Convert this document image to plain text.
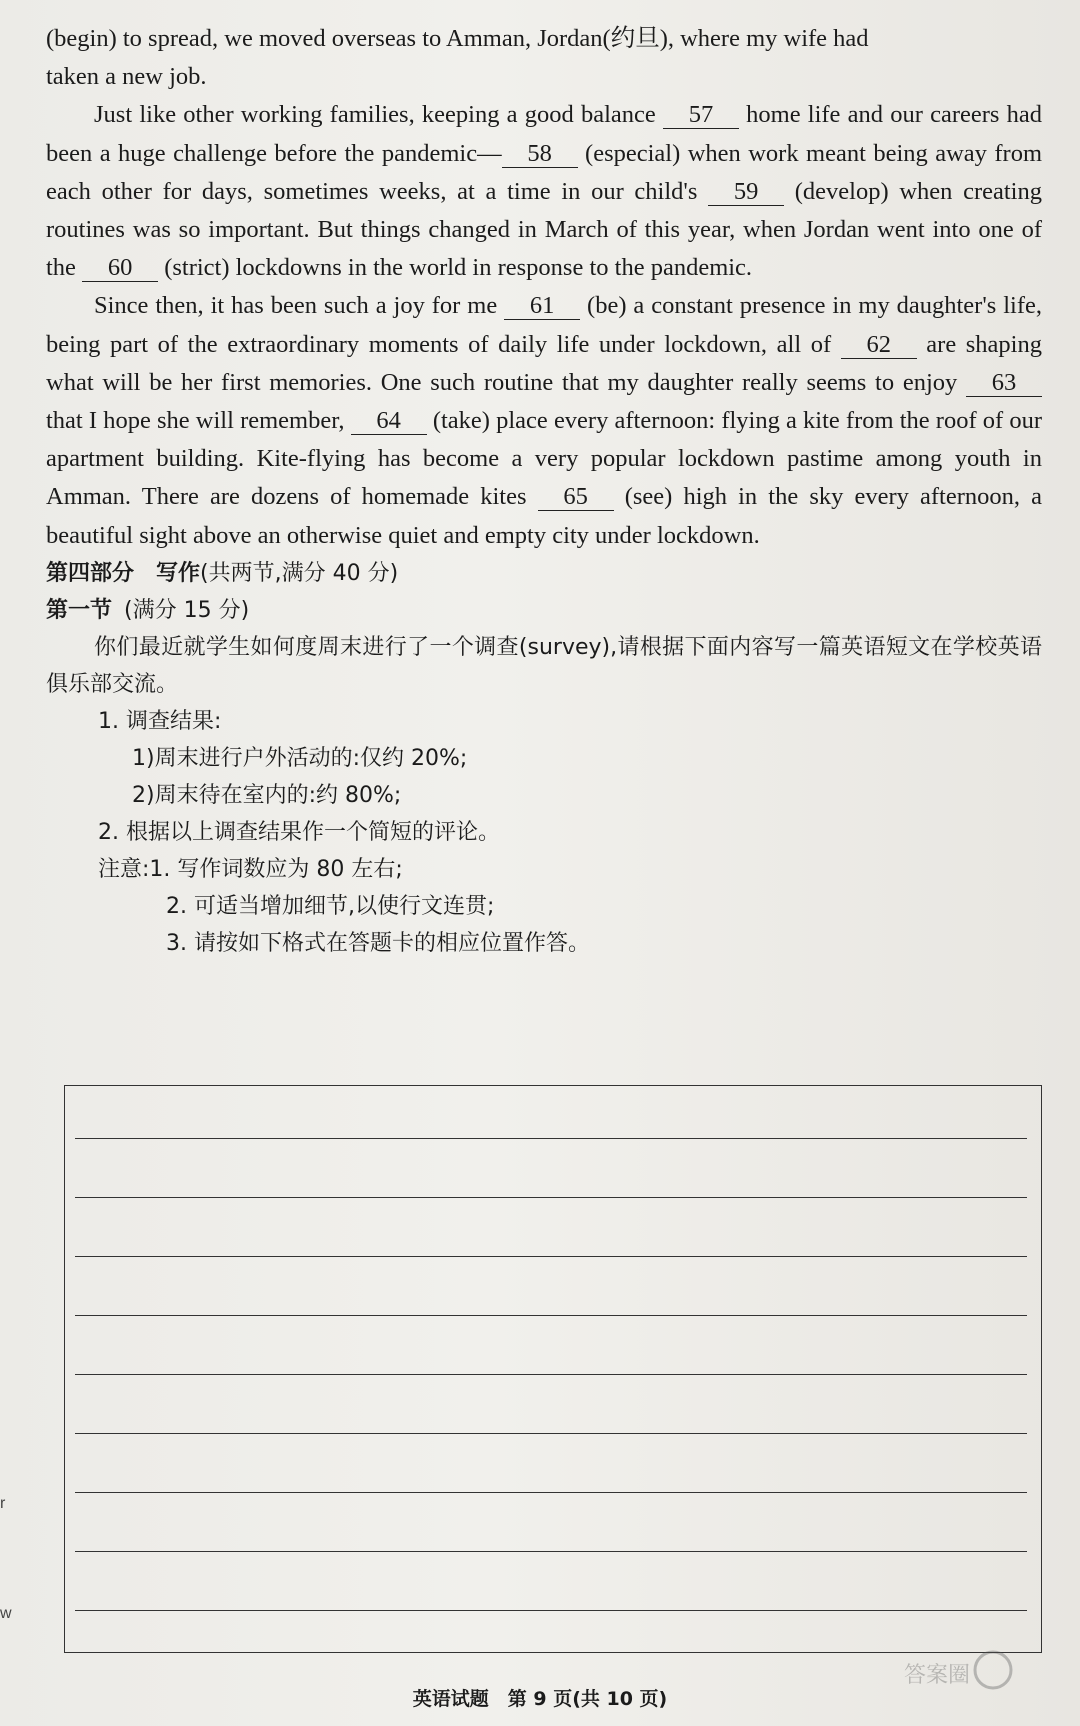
(begin) to spread, we moved overseas to Amman, Jordan(约旦), where my wife had

taken a new job.

Just like other working families, keeping a good balance 57 home life and our careers had been a huge challenge before the pandemic— 58 (especial) when work meant being away from each other for days, sometimes weeks, at a time in our child's 59 (develop) when creating routines was so important. But things changed in March of this year, when Jordan went into one of the 60 (strict) lockdowns in the world in response to the pandemic.

Since then, it has been such a joy for me 61 (be) a constant presence in my daughter's life, being part of the extraordinary moments of daily life under lockdown, all of 62 are shaping what will be her first memories. One such routine that my daughter really seems to enjoy 63 that I hope she will remember, 64 (take) place every afternoon: flying a kite from the roof of our apartment building. Kite-flying has become a very popular lockdown pastime among youth in Amman. There are dozens of homemade kites 65 (see) high in the sky every afternoon, a beautiful sight above an otherwise quiet and empty city under lockdown.

第四部分　写作(共两节,满分 40 分)

第一节 (满分 15 分)

你们最近就学生如何度周末进行了一个调查(survey),请根据下面内容写一篇英语短文在学校英语俱乐部交流。

1. 调查结果:

1)周末进行户外活动的:仅约 20%;

2)周末待在室内的:约 80%;

2. 根据以上调查结果作一个简短的评论。

注意:1. 写作词数应为 80 左右;

2. 可适当增加细节,以使行文连贯;

3. 请按如下格式在答题卡的相应位置作答。

r
w
答案圈
英语试题　第 9 页(共 10 页)
